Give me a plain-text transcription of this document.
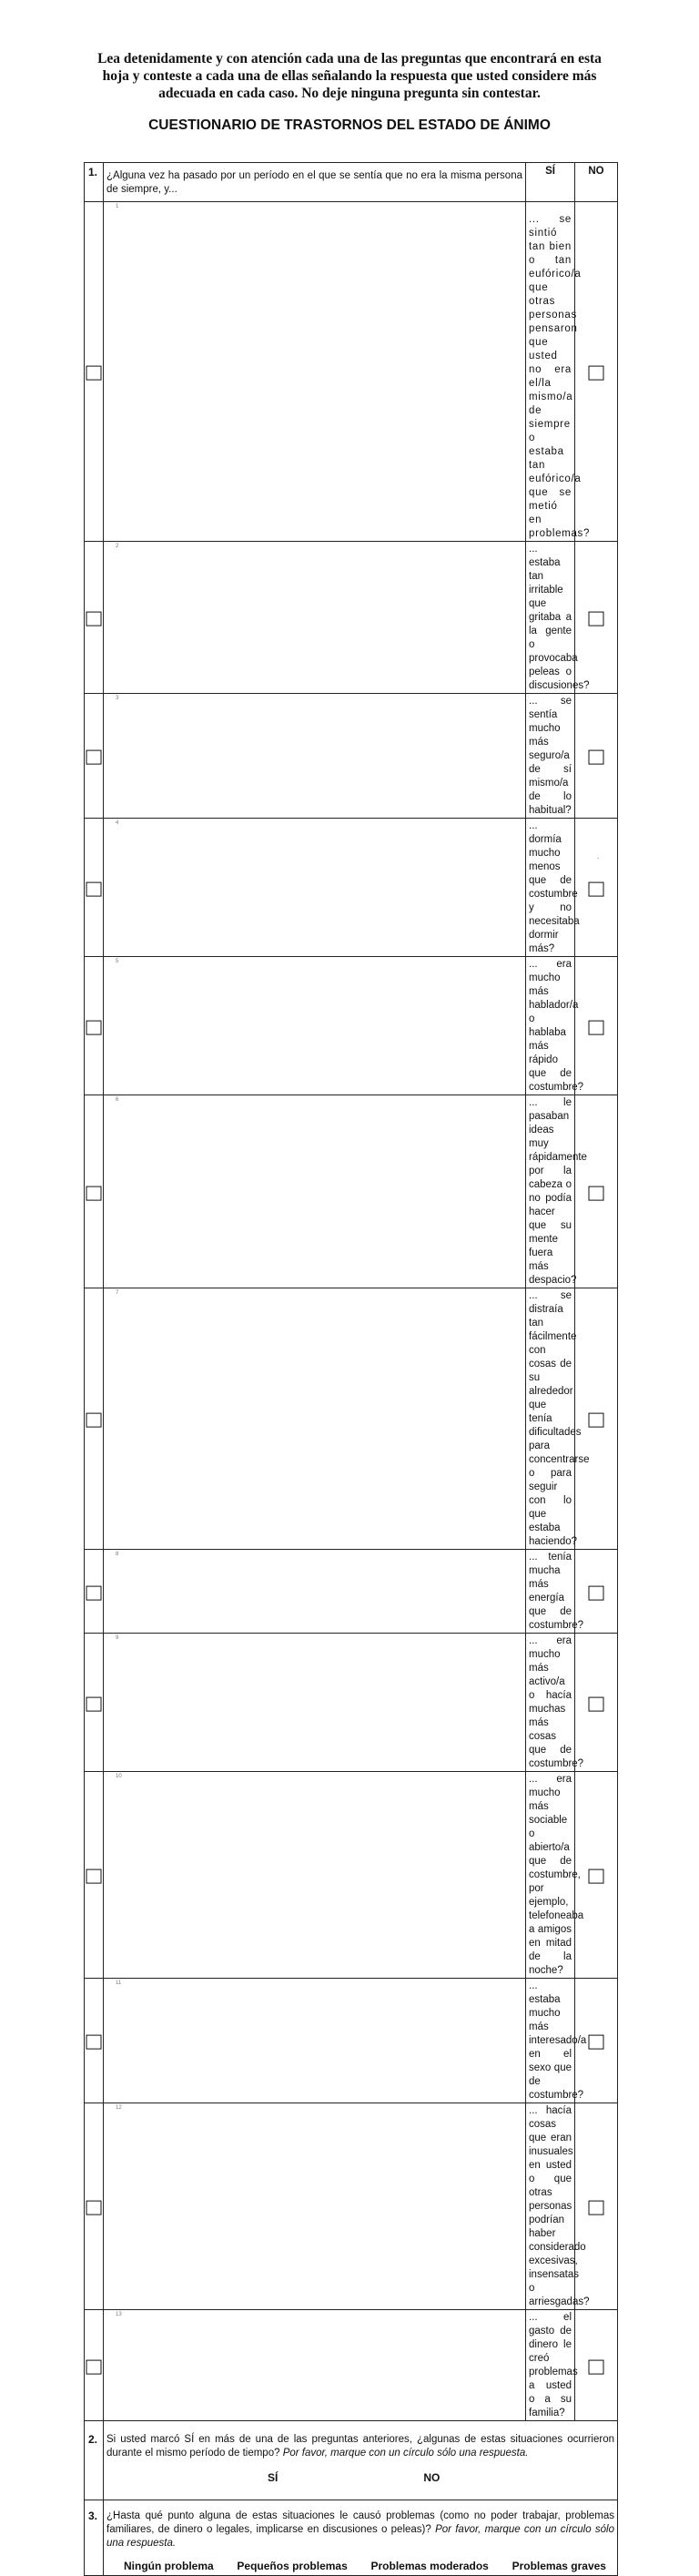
Lea detenidamente y con atención cada una de las preguntas que encontrará en esta hoja y conteste a cada una de ellas señalando la respuesta que usted considere más adecuada en cada caso. No deje ninguna pregunta sin contestar.
CUESTIONARIO DE TRASTORNOS DEL ESTADO DE ÁNIMO
1.	¿Alguna vez ha pasado por un período en el que se sentía que no era la misma persona de siempre, y...	SÍ	NO

	1	... se sintió tan bien o tan eufórico/a que otras personas pensaron que usted no era el/la mismo/a de siempre o estaba tan eufórico/a que se metió en problemas?	

	2	... estaba tan irritable que gritaba a la gente o provocaba peleas o discusiones?	

	3	... se sentía mucho más seguro/a de sí mismo/a de lo habitual?	

	4	... dormía mucho menos que de costumbre y no necesitaba dormir más?	

	5	... era mucho más hablador/a o hablaba más rápido que de costumbre?	

	6	... le pasaban ideas muy rápidamente por la cabeza o no podía hacer que su mente fuera más despacio?	

	7	... se distraía tan fácilmente con cosas de su alrededor que tenía dificultades para concentrarse o para seguir con lo que estaba haciendo?	

	8	... tenía mucha más energía que de costumbre?	

	9	... era mucho más activo/a o hacía muchas más cosas que de costumbre?	

	10	... era mucho más sociable o abierto/a que de costumbre, por ejemplo, telefoneaba a amigos en mitad de la noche?	

	11	... estaba mucho más interesado/a en el sexo que de costumbre?	

	12	... hacía cosas que eran inusuales en usted o que otras personas podrían haber considerado excesivas, insensatas o arriesgadas?	

	13	... el gasto de dinero le creó problemas a usted o a su familia?	

2.	Si usted marcó SÍ en más de una de las preguntas anteriores, ¿algunas de estas situaciones ocurrieron durante el mismo período de tiempo? Por favor, marque con un círculo sólo una respuesta.
SÍ NO		

3.	¿Hasta qué punto alguna de estas situaciones le causó problemas (como no poder trabajar, problemas familiares, de dinero o legales, implicarse en discusiones o peleas)? Por favor, marque con un círculo sólo una respuesta.
Ningún problema Pequeños problemas Problemas moderados Problemas graves		
.
